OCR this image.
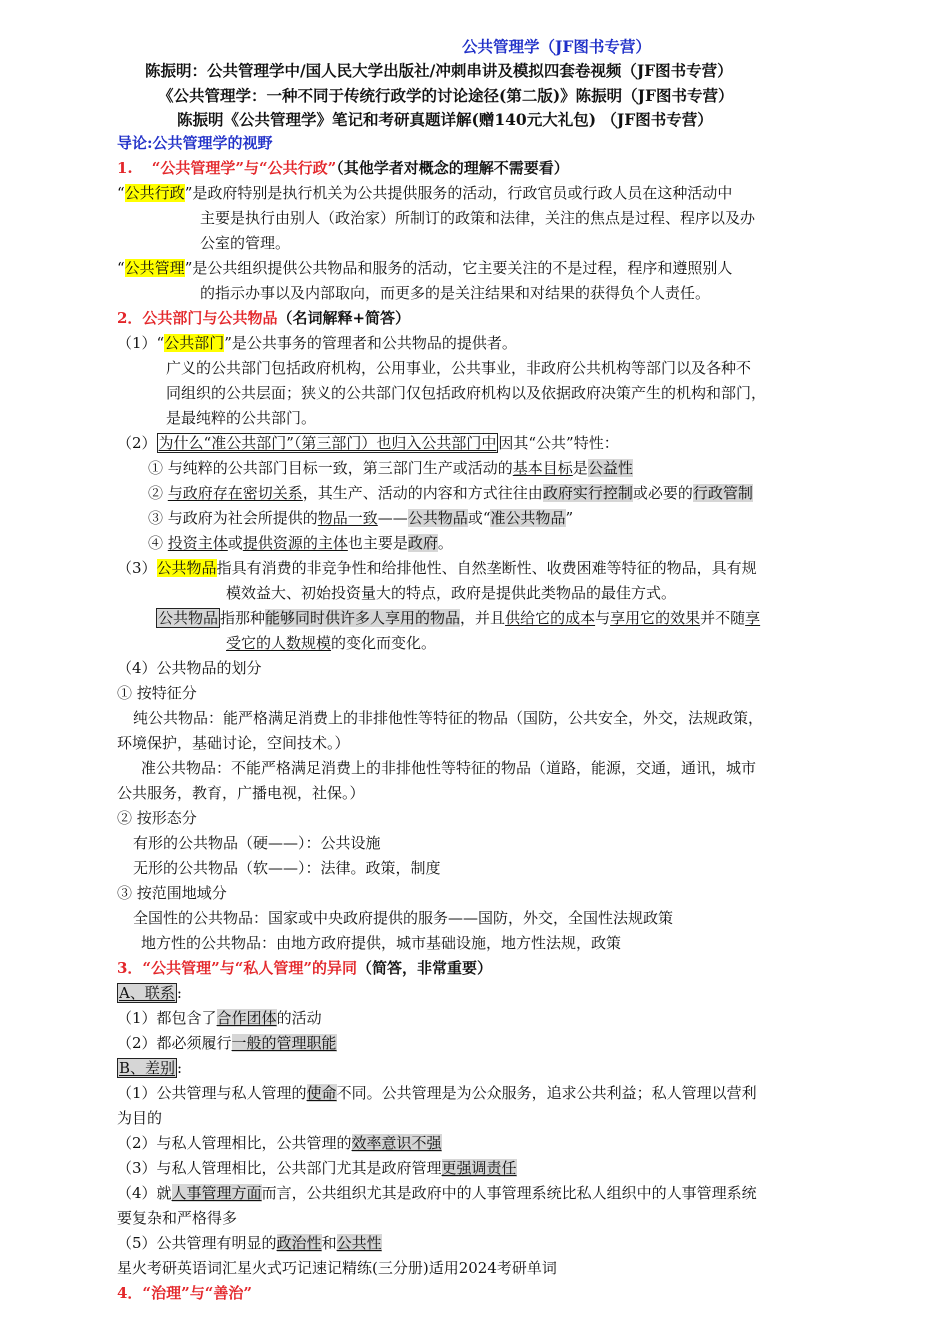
公共管理学（JF图书专营）
陈振明：公共管理学中/国人民大学出版社/冲刺串讲及模拟四套卷视频（JF图书专营）
《公共管理学：一种不同于传统行政学的讨论途径(第二版)》陈振明（JF图书专营）
陈振明《公共管理学》笔记和考研真题详解(赠140元大礼包) （JF图书专营）
导论:公共管理学的视野
1. “公共管理学”与“公共行政”（其他学者对概念的理解不需要看）
“公共行政”是政府特别是执行机关为公共提供服务的活动，行政官员或行政人员在这种活动中
主要是执行由别人（政治家）所制订的政策和法律，关注的焦点是过程、程序以及办
公室的管理。
“公共管理”是公共组织提供公共物品和服务的活动，它主要关注的不是过程，程序和遵照别人
的指示办事以及内部取向，而更多的是关注结果和对结果的获得负个人责任。
2．公共部门与公共物品（名词解释+简答）
（1）“公共部门”是公共事务的管理者和公共物品的提供者。
广义的公共部门包括政府机构，公用事业，公共事业，非政府公共机构等部门以及各种不
同组织的公共层面；狭义的公共部门仅包括政府机构以及依据政府决策产生的机构和部门，
是最纯粹的公共部门。
（2） 为什么“准公共部门”（第三部门）也归入公共部门中 因其“公共”特性：
① 与纯粹的公共部门目标一致，第三部门生产或活动的基本目标是公益性
② 与政府存在密切关系，其生产、活动的内容和方式往往由政府实行控制或必要的行政管制
③ 与政府为社会所提供的物品一致——公共物品或“准公共物品”
④ 投资主体或提供资源的主体也主要是政府。
（3）公共物品指具有消费的非竞争性和给排他性、自然垄断性、收费困难等特征的物品，具有规
模效益大、初始投资量大的特点，政府是提供此类物品的最佳方式。
公共物品 指那种能够同时供许多人享用的物品，并且供给它的成本与享用它的效果并不随享
受它的人数规模的变化而变化。
（4）公共物品的划分
① 按特征分
纯公共物品：能严格满足消费上的非排他性等特征的物品（国防，公共安全，外交，法规政策，
环境保护，基础讨论，空间技术。）
准公共物品：不能严格满足消费上的非排他性等特征的物品（道路，能源，交通，通讯，城市
公共服务，教育，广播电视，社保。）
② 按形态分
有形的公共物品（硬——）：公共设施
无形的公共物品（软——）：法律。政策，制度
③ 按范围地域分
全国性的公共物品：国家或中央政府提供的服务——国防，外交，全国性法规政策
地方性的公共物品：由地方政府提供，城市基础设施，地方性法规，政策
3．“公共管理”与“私人管理”的异同（简答，非常重要）
A、联系 :
（1）都包含了合作团体的活动
（2）都必须履行一般的管理职能
B、差别 :
（1）公共管理与私人管理的使命不同。公共管理是为公众服务，追求公共利益；私人管理以营利
为目的
（2）与私人管理相比，公共管理的效率意识不强
（3）与私人管理相比，公共部门尤其是政府管理更强调责任
（4）就人事管理方面而言，公共组织尤其是政府中的人事管理系统比私人组织中的人事管理系统
要复杂和严格得多
（5）公共管理有明显的政治性和公共性
星火考研英语词汇星火式巧记速记精练(三分册)适用2024考研单词
4．“治理”与“善治”
